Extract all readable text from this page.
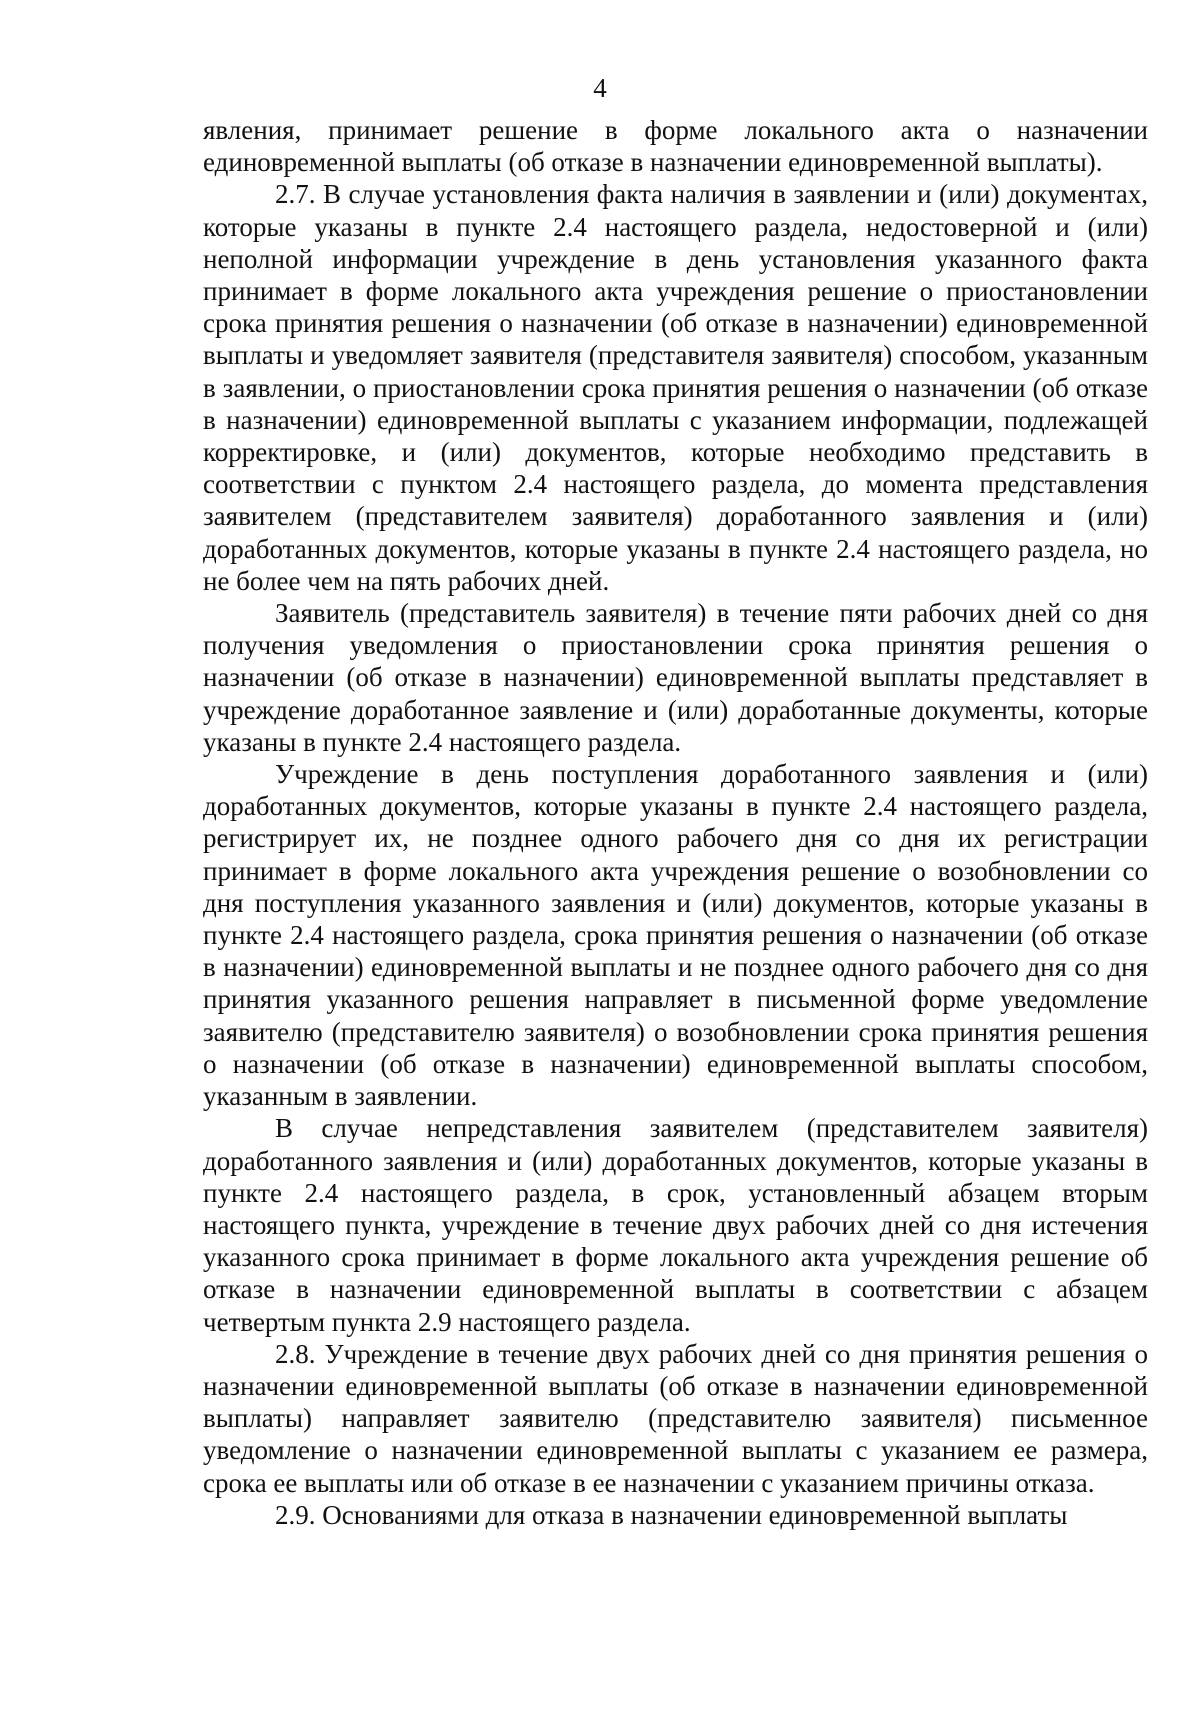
4

явления, принимает решение в форме локального акта о назначении единовременной выплаты (об отказе в назначении единовременной выплаты).

2.7. В случае установления факта наличия в заявлении и (или) документах, которые указаны в пункте 2.4 настоящего раздела, недостоверной и (или) неполной информации учреждение в день установления указанного факта принимает в форме локального акта учреждения решение о приостановлении срока принятия решения о назначении (об отказе в назначении) единовременной выплаты и уведомляет заявителя (представителя заявителя) способом, указанным в заявлении, о приостановлении срока принятия решения о назначении (об отказе в назначении) единовременной выплаты с указанием информации, подлежащей корректировке, и (или) документов, которые необходимо представить в соответствии с пунктом 2.4 настоящего раздела, до момента представления заявителем (представителем заявителя) доработанного заявления и (или) доработанных документов, которые указаны в пункте 2.4 настоящего раздела, но не более чем на пять рабочих дней.

Заявитель (представитель заявителя) в течение пяти рабочих дней со дня получения уведомления о приостановлении срока принятия решения о назначении (об отказе в назначении) единовременной выплаты представляет в учреждение доработанное заявление и (или) доработанные документы, которые указаны в пункте 2.4 настоящего раздела.

Учреждение в день поступления доработанного заявления и (или) доработанных документов, которые указаны в пункте 2.4 настоящего раздела, регистрирует их, не позднее одного рабочего дня со дня их регистрации принимает в форме локального акта учреждения решение о возобновлении со дня поступления указанного заявления и (или) документов, которые указаны в пункте 2.4 настоящего раздела, срока принятия решения о назначении (об отказе в назначении) единовременной выплаты и не позднее одного рабочего дня со дня принятия указанного решения направляет в письменной форме уведомление заявителю (представителю заявителя) о возобновлении срока принятия решения о назначении (об отказе в назначении) единовременной выплаты способом, указанным в заявлении.

В случае непредставления заявителем (представителем заявителя) доработанного заявления и (или) доработанных документов, которые указаны в пункте 2.4 настоящего раздела, в срок, установленный абзацем вторым настоящего пункта, учреждение в течение двух рабочих дней со дня истечения указанного срока принимает в форме локального акта учреждения решение об отказе в назначении единовременной выплаты в соответствии с абзацем четвертым пункта 2.9 настоящего раздела.

2.8. Учреждение в течение двух рабочих дней со дня принятия решения о назначении единовременной выплаты (об отказе в назначении единовременной выплаты) направляет заявителю (представителю заявителя) письменное уведомление о назначении единовременной выплаты с указанием ее размера, срока ее выплаты или об отказе в ее назначении с указанием причины отказа.

2.9. Основаниями для отказа в назначении единовременной выплаты
